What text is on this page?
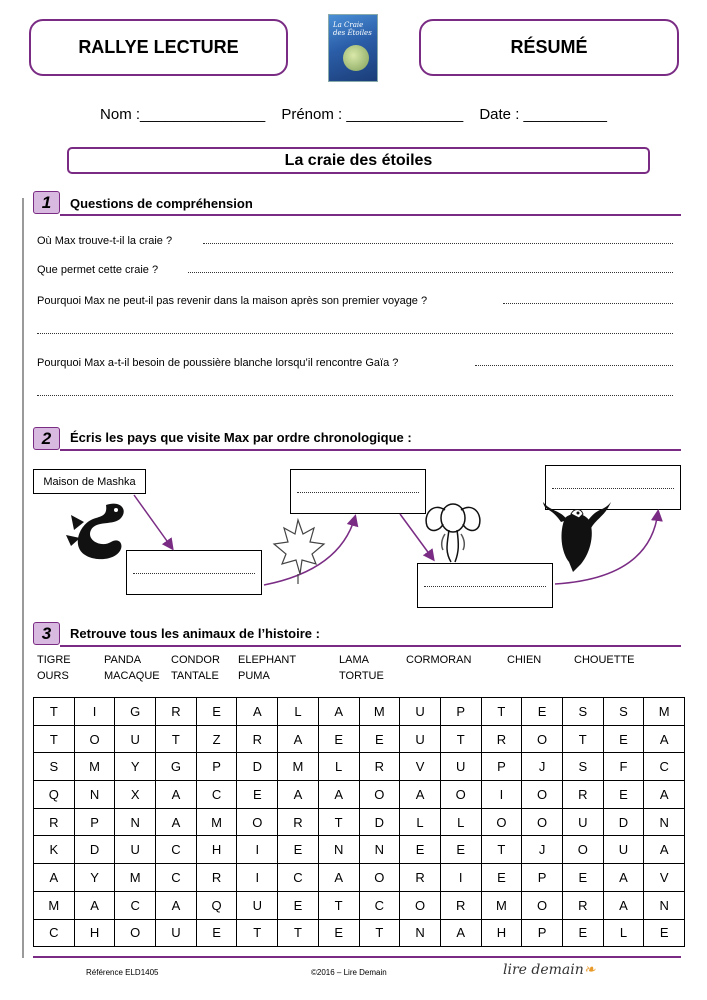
RALLYE LECTURE
La Craie des Étoiles
RÉSUMÉ
Nom :_______________ Prénom : ______________ Date : __________
La craie des étoiles
1	Questions de compréhension
Où Max trouve-t-il la craie ?
Que permet cette craie ?
Pourquoi Max ne peut-il pas revenir dans la maison après son premier voyage ?
Pourquoi Max a-t-il besoin de poussière blanche lorsqu’il rencontre Gaïa ?
2	Écris les pays que visite Max par ordre chronologique :
Maison de Mashka
3	Retrouve tous les animaux de l’histoire :
TIGRE	PANDA	CONDOR ELEPHANT	LAMA	CORMORAN	CHIEN	CHOUETTE
OURS	MACAQUE TANTALE PUMA	TORTUE
T	I	G	R	E	A	L	A	M	U	P	T	E	S	S	M
T	O	U	T	Z	R	A	E	E	U	T	R	O	T	E	A
S	M	Y	G	P	D	M	L	R	V	U	P	J	S	F	C
Q	N	X	A	C	E	A	A	O	A	O	I	O	R	E	A
R	P	N	A	M	O	R	T	D	L	L	O	O	U	D	N
K	D	U	C	H	I	E	N	N	E	E	T	J	O	U	A
A	Y	M	C	R	I	C	A	O	R	I	E	P	E	A	V
M	A	C	A	Q	U	E	T	C	O	R	M	O	R	A	N
C	H	O	U	E	T	T	E	T	N	A	H	P	E	L	E
Référence ELD1405	©2016 – Lire Demain	lire demain❧
